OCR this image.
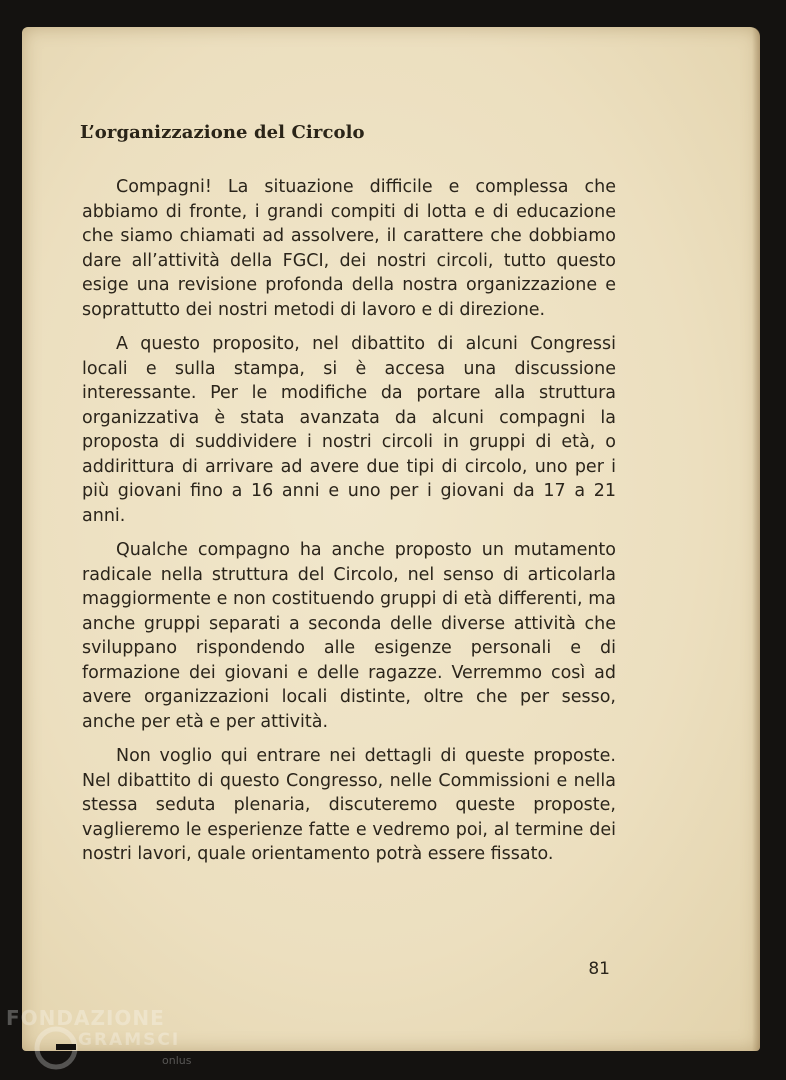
L’organizzazione del Circolo

Compagni! La situazione difficile e complessa che abbiamo di fronte, i grandi compiti di lotta e di educazione che siamo chiamati ad assolvere, il carattere che dobbiamo dare all’attività della FGCI, dei nostri circoli, tutto questo esige una revisione profonda della nostra organizzazione e soprattutto dei nostri metodi di lavoro e di direzione.

A questo proposito, nel dibattito di alcuni Congressi locali e sulla stampa, si è accesa una discussione interessante. Per le modifiche da portare alla struttura organizzativa è stata avanzata da alcuni compagni la proposta di suddividere i nostri circoli in gruppi di età, o addirittura di arrivare ad avere due tipi di circolo, uno per i più giovani fino a 16 anni e uno per i giovani da 17 a 21 anni.

Qualche compagno ha anche proposto un mutamento radicale nella struttura del Circolo, nel senso di articolarla maggiormente e non costituendo gruppi di età differenti, ma anche gruppi separati a seconda delle diverse attività che sviluppano rispondendo alle esigenze personali e di formazione dei giovani e delle ragazze. Verremmo così ad avere organizzazioni locali distinte, oltre che per sesso, anche per età e per attività.

Non voglio qui entrare nei dettagli di queste proposte. Nel dibattito di questo Congresso, nelle Commissioni e nella stessa seduta plenaria, discuteremo queste proposte, vaglieremo le esperienze fatte e vedremo poi, al termine dei nostri lavori, quale orientamento potrà essere fissato.

81
FONDAZIONE
GRAMSCI
onlus
